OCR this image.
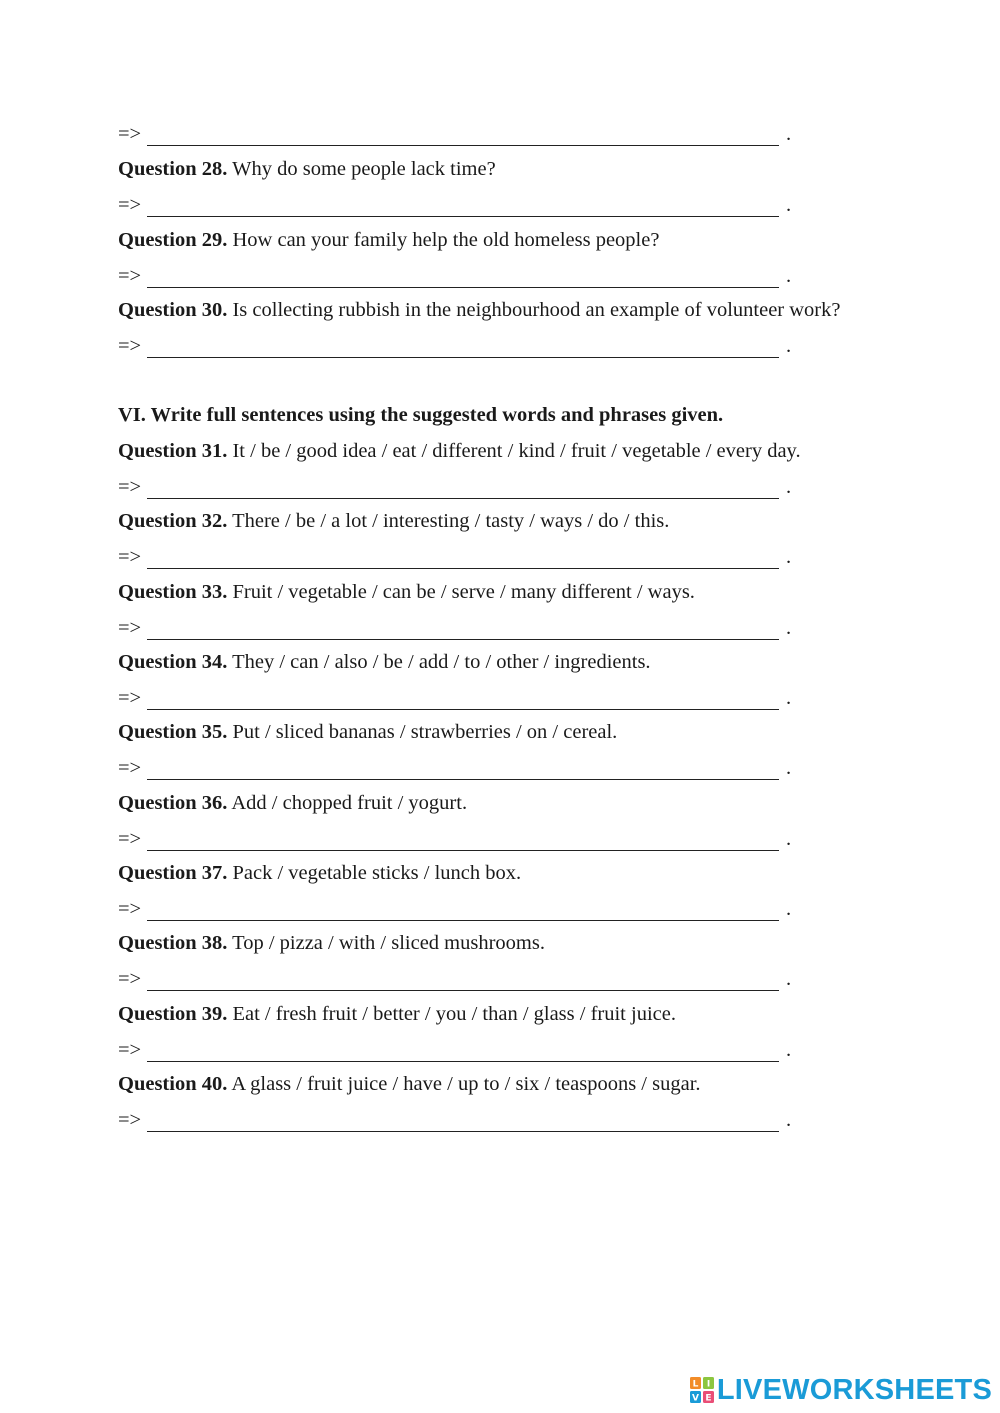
=>	.
Question 28. Why do some people lack time?
=>	.
Question 29. How can your family help the old homeless people?
=>	.
Question 30. Is collecting rubbish in the neighbourhood an example of volunteer work?
=>	.
VI. Write full sentences using the suggested words and phrases given.
Question 31. It / be / good idea / eat / different / kind / fruit / vegetable / every day.
=>	.
Question 32. There / be / a lot / interesting / tasty / ways / do / this.
=>	.
Question 33. Fruit / vegetable / can be / serve / many different / ways.
=>	.
Question 34. They / can / also / be / add / to / other / ingredients.
=>	.
Question 35. Put / sliced bananas / strawberries / on / cereal.
=>	.
Question 36. Add / chopped fruit / yogurt.
=>	.
Question 37. Pack / vegetable sticks / lunch box.
=>	.
Question 38. Top / pizza / with / sliced mushrooms.
=>	.
Question 39. Eat / fresh fruit / better / you / than / glass / fruit juice.
=>	.
Question 40. A glass / fruit juice / have / up to / six / teaspoons / sugar.
=>	.
L I
V E LIVEWORKSHEETS
